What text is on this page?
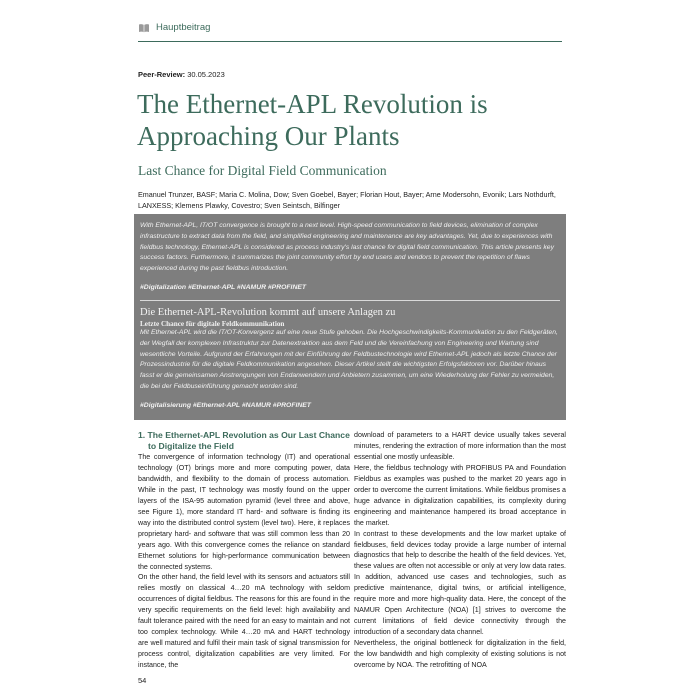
Hauptbeitrag
Peer-Review: 30.05.2023
The Ethernet-APL Revolution is Approaching Our Plants
Last Chance for Digital Field Communication
Emanuel Trunzer, BASF; Maria C. Molina, Dow; Sven Goebel, Bayer; Florian Hout, Bayer; Arne Modersohn, Evonik; Lars Nothdurft, LANXESS; Klemens Plawky, Covestro; Sven Seintsch, Bilfinger

With Ethernet-APL, IT/OT convergence is brought to a next level. High-speed communication to field devices, elimination of complex infrastructure to extract data from the field, and simplified engineering and maintenance are key advantages. Yet, due to experiences with fieldbus technology, Ethernet-APL is considered as process industry's last chance for digital field communication. This article presents key success factors. Furthermore, it summarizes the joint community effort by end users and vendors to prevent the repetition of flaws experienced during the past fieldbus introduction.

#Digitalization #Ethernet-APL #NAMUR #PROFINET

Die Ethernet-APL-Revolution kommt auf unsere Anlagen zu

Letzte Chance für digitale Feldkommunikation

Mit Ethernet-APL wird die IT/OT-Konvergenz auf eine neue Stufe gehoben. Die Hochgeschwindigkeits-Kommunikation zu den Feldgeräten, der Wegfall der komplexen Infrastruktur zur Datenextraktion aus dem Feld und die Vereinfachung von Engineering und Wartung sind wesentliche Vorteile. Aufgrund der Erfahrungen mit der Einführung der Feldbustechnologie wird Ethernet-APL jedoch als letzte Chance der Prozessindustrie für die digitale Feldkommunikation angesehen. Dieser Artikel stellt die wichtigsten Erfolgsfaktoren vor. Darüber hinaus fasst er die gemeinsamen Anstrengungen von Endanwendern und Anbietern zusammen, um eine Wiederholung der Fehler zu vermeiden, die bei der Feldbuseinführung gemacht worden sind.

#Digitalisierung #Ethernet-APL #NAMUR #PROFINET

1. The Ethernet-APL Revolution as Our Last Chance to Digitalize the Field

The convergence of information technology (IT) and operational technology (OT) brings more and more computing power, data bandwidth, and flexibility to the domain of process automation. While in the past, IT technology was mostly found on the upper layers of the ISA-95 automation pyramid (level three and above, see Figure 1), more standard IT hard- and software is finding its way into the distributed control system (level two). Here, it replaces proprietary hard- and software that was still common less than 20 years ago. With this convergence comes the reliance on standard Ethernet solutions for high-performance communication between the connected systems.

On the other hand, the field level with its sensors and actuators still relies mostly on classical 4…20 mA technology with seldom occurrences of digital fieldbus. The reasons for this are found in the very specific requirements on the field level: high availability and fault tolerance paired with the need for an easy to maintain and not too complex technology. While 4…20 mA and HART technology are well matured and fulfil their main task of signal transmission for process control, digitalization capabilities are very limited. For instance, the

download of parameters to a HART device usually takes several minutes, rendering the extraction of more information than the most essential one mostly unfeasible.

Here, the fieldbus technology with PROFIBUS PA and Foundation Fieldbus as examples was pushed to the market 20 years ago in order to overcome the current limitations. While fieldbus promises a huge advance in digitalization capabilities, its complexity during engineering and maintenance hampered its broad acceptance in the market.

In contrast to these developments and the low market uptake of fieldbuses, field devices today provide a large number of internal diagnostics that help to describe the health of the field devices. Yet, these values are often not accessible or only at very low data rates. In addition, advanced use cases and technologies, such as predictive maintenance, digital twins, or artificial intelligence, require more and more high-quality data. Here, the concept of the NAMUR Open Architecture (NOA) [1] strives to overcome the current limitations of field device connectivity through the introduction of a secondary data channel.

Nevertheless, the original bottleneck for digitalization in the field, the low bandwidth and high complexity of existing solutions is not overcome by NOA. The retrofitting of NOA

54
